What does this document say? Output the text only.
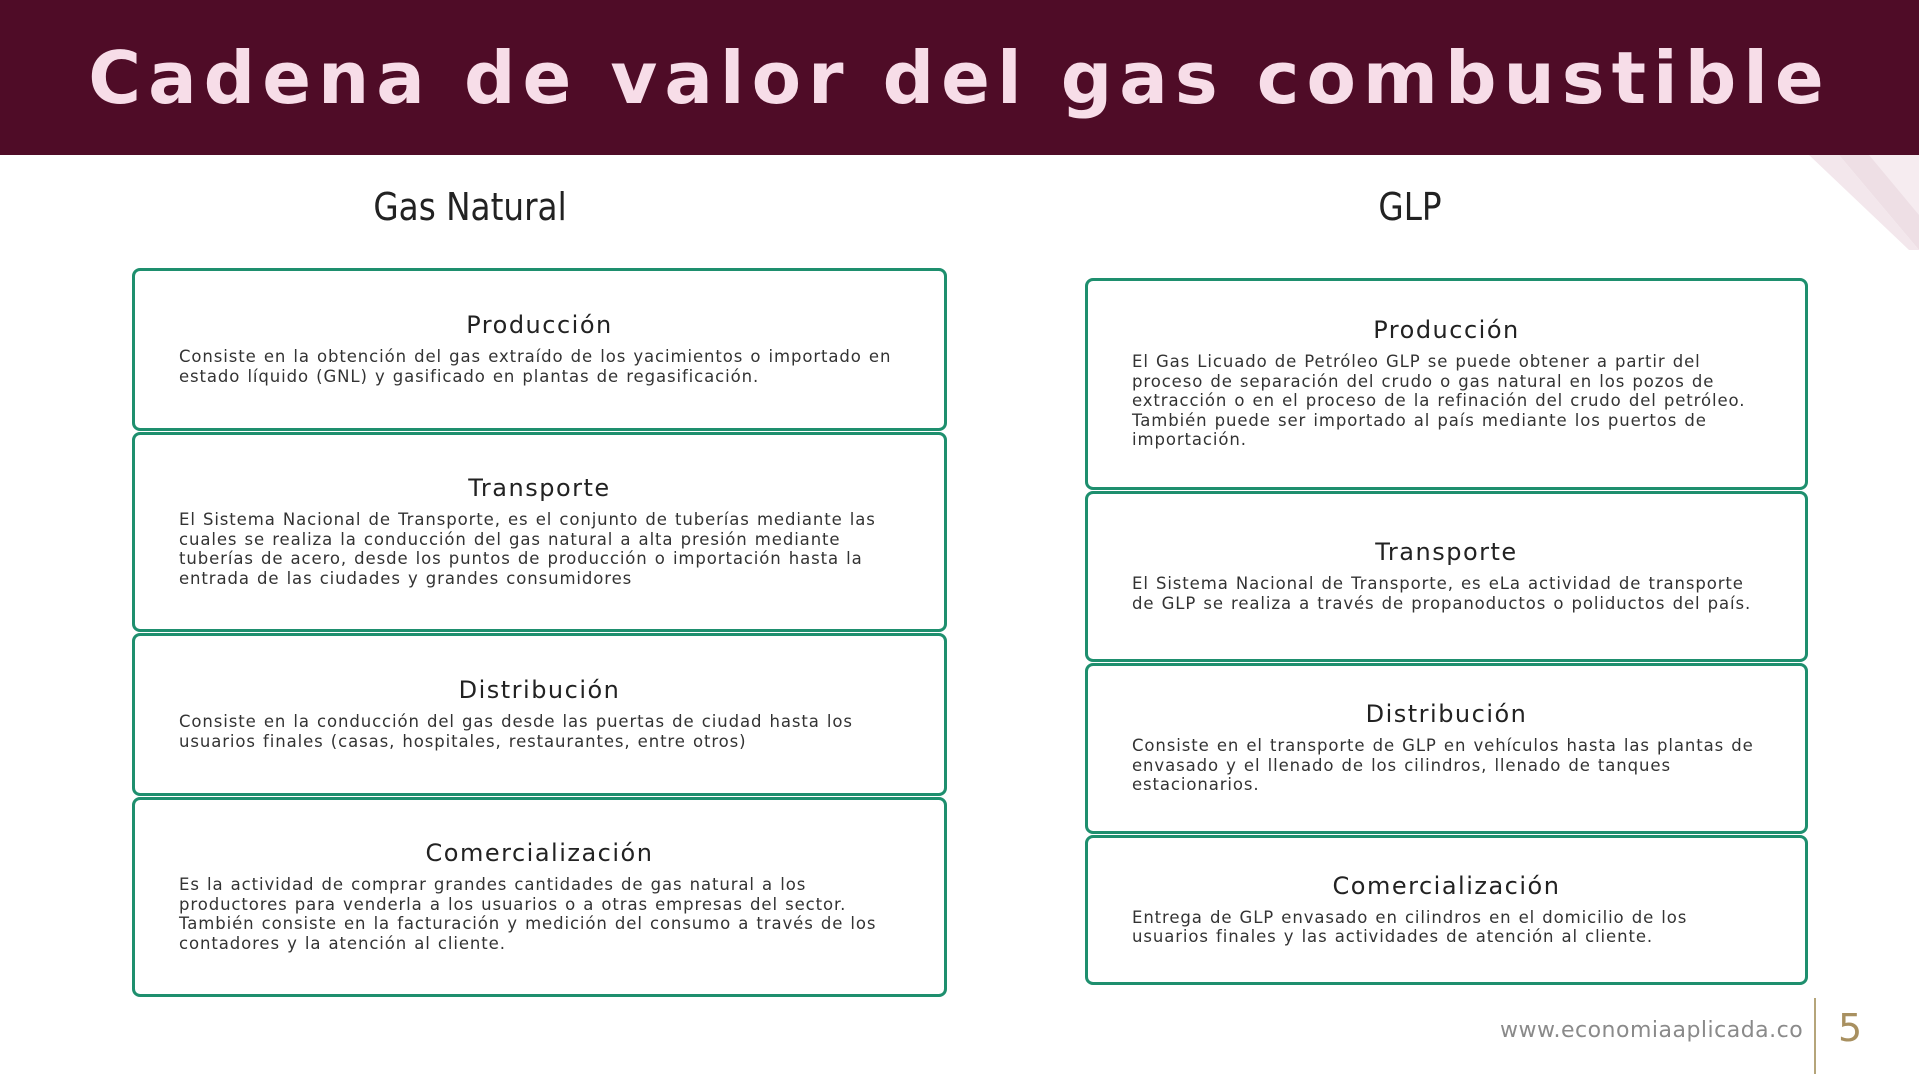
Cadena de valor del gas combustible
Gas Natural	GLP
Producción
Consiste en la obtención del gas extraído de los yacimientos o importado en estado líquido (GNL) y gasificado en plantas de regasificación.
Transporte
El Sistema Nacional de Transporte, es el conjunto de tuberías mediante las cuales se realiza la conducción del gas natural a alta presión mediante tuberías de acero, desde los puntos de producción o importación hasta la entrada de las ciudades y grandes consumidores
Distribución
Consiste en la conducción del gas desde las puertas de ciudad hasta los usuarios finales (casas, hospitales, restaurantes, entre otros)
Comercialización
Es la actividad de comprar grandes cantidades de gas natural a los productores para venderla a los usuarios o a otras empresas del sector. También consiste en la facturación y medición del consumo a través de los contadores y la atención al cliente.
Producción
El Gas Licuado de Petróleo GLP se puede obtener a partir del proceso de separación del crudo o gas natural en los pozos de extracción o en el proceso de la refinación del crudo del petróleo. También puede ser importado al país mediante los puertos de importación.
Transporte
El Sistema Nacional de Transporte, es eLa actividad de transporte de GLP se realiza a través de propanoductos o poliductos del país.
Distribución
Consiste en el transporte de GLP en vehículos hasta las plantas de envasado y el llenado de los cilindros, llenado de tanques estacionarios.
Comercialización
Entrega de GLP envasado en cilindros en el domicilio de los usuarios finales y las actividades de atención al cliente.
www.economiaaplicada.co 5
